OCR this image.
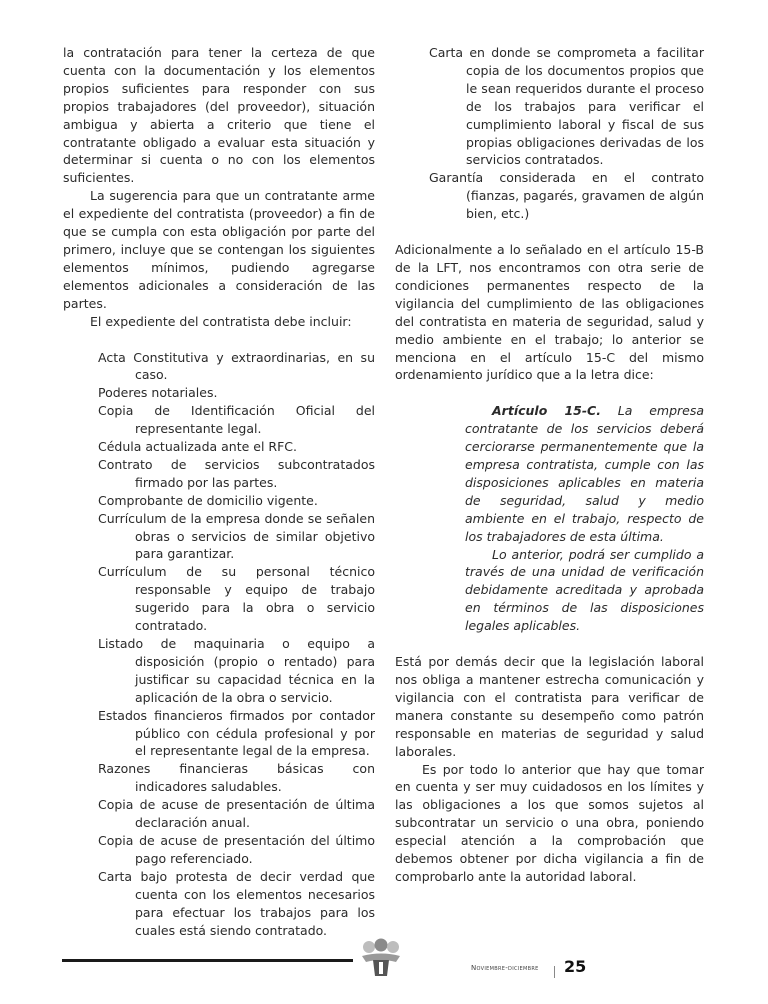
la contratación para tener la certeza de que cuenta con la documentación y los elementos propios suficientes para responder con sus propios trabajadores (del proveedor), situación ambigua y abierta a criterio que tiene el contratante obligado a evaluar esta situación y determinar si cuenta o no con los elementos suficientes.

La sugerencia para que un contratante arme el expediente del contratista (proveedor) a fin de que se cumpla con esta obligación por parte del primero, incluye que se contengan los siguientes elementos mínimos, pudiendo agregarse elementos adicionales a consideración de las partes.

El expediente del contratista debe incluir:

Acta Constitutiva y extraordinarias, en su caso.
Poderes notariales.
Copia de Identificación Oficial del representante legal.
Cédula actualizada ante el RFC.
Contrato de servicios subcontratados firmado por las partes.
Comprobante de domicilio vigente.
Currículum de la empresa donde se señalen obras o servicios de similar objetivo para garantizar.
Currículum de su personal técnico responsable y equipo de trabajo sugerido para la obra o servicio contratado.
Listado de maquinaria o equipo a disposición (propio o rentado) para justificar su capacidad técnica en la aplicación de la obra o servicio.
Estados financieros firmados por contador público con cédula profesional y por el representante legal de la empresa.
Razones financieras básicas con indicadores saludables.
Copia de acuse de presentación de última declaración anual.
Copia de acuse de presentación del último pago referenciado.
Carta bajo protesta de decir verdad que cuenta con los elementos necesarios para efectuar los trabajos para los cuales está siendo contratado.
Carta en donde se comprometa a facilitar copia de los documentos propios que le sean requeridos durante el proceso de los trabajos para verificar el cumplimiento laboral y fiscal de sus propias obligaciones derivadas de los servicios contratados.
Garantía considerada en el contrato (fianzas, pagarés, gravamen de algún bien, etc.)

Adicionalmente a lo señalado en el artículo 15-B de la LFT, nos encontramos con otra serie de condiciones permanentes respecto de la vigilancia del cumplimiento de las obligaciones del contratista en materia de seguridad, salud y medio ambiente en el trabajo; lo anterior se menciona en el artículo 15-C del mismo ordenamiento jurídico que a la letra dice:

Artículo 15-C. La empresa contratante de los servicios deberá cerciorarse permanentemente que la empresa contratista, cumple con las disposiciones aplicables en materia de seguridad, salud y medio ambiente en el trabajo, respecto de los trabajadores de esta última.

Lo anterior, podrá ser cumplido a través de una unidad de verificación debidamente acreditada y aprobada en términos de las disposiciones legales aplicables.

Está por demás decir que la legislación laboral nos obliga a mantener estrecha comunicación y vigilancia con el contratista para verificar de manera constante su desempeño como patrón responsable en materias de seguridad y salud laborales.

Es por todo lo anterior que hay que tomar en cuenta y ser muy cuidadosos en los límites y las obligaciones a los que somos sujetos al subcontratar un servicio o una obra, poniendo especial atención a la comprobación que debemos obtener por dicha vigilancia a fin de comprobarlo ante la autoridad laboral.

Noviembre-diciembre 25
